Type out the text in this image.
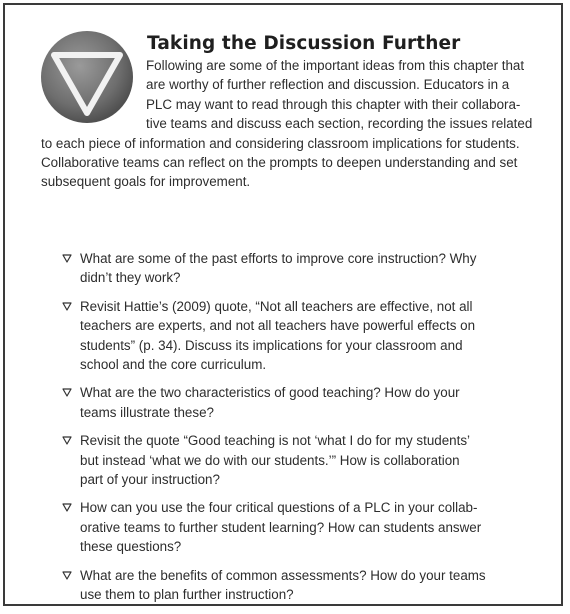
Taking the Discussion Further

Following are some of the important ideas from this chapter that
are worthy of further reflection and discussion. Educators in a
PLC may want to read through this chapter with their collabora-
tive teams and discuss each section, recording the issues related
to each piece of information and considering classroom implications for students.
Collaborative teams can reflect on the prompts to deepen understanding and set
subsequent goals for improvement.

What are some of the past efforts to improve core instruction? Why
didn’t they work?
Revisit Hattie’s (2009) quote, “Not all teachers are effective, not all
teachers are experts, and not all teachers have powerful effects on
students” (p. 34). Discuss its implications for your classroom and
school and the core curriculum.
What are the two characteristics of good teaching? How do your
teams illustrate these?
Revisit the quote “Good teaching is not ‘what I do for my students’
but instead ‘what we do with our students.’” How is collaboration
part of your instruction?
How can you use the four critical questions of a PLC in your collab-
orative teams to further student learning? How can students answer
these questions?
What are the benefits of common assessments? How do your teams
use them to plan further instruction?
